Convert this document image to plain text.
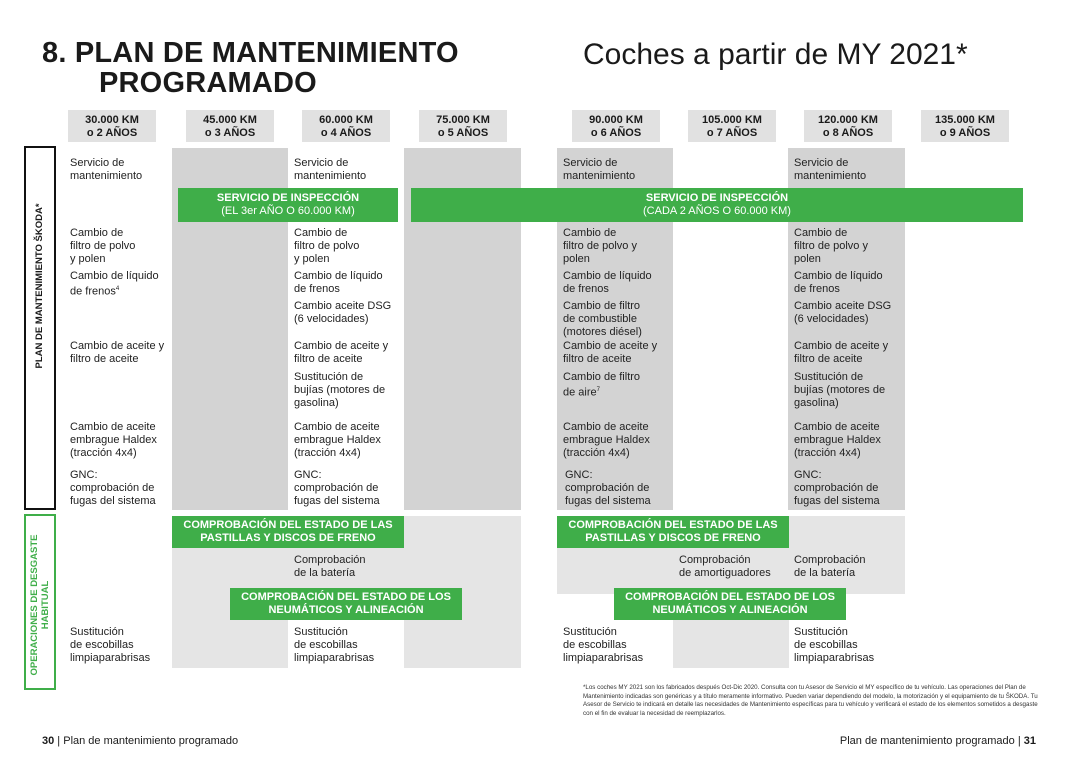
8. PLAN DE MANTENIMIENTO
PROGRAMADO
Coches a partir de MY 2021*
30.000 KM
o 2 AÑOS
45.000 KM
o 3 AÑOS
60.000 KM
o 4 AÑOS
75.000 KM
o 5 AÑOS
90.000 KM
o 6 AÑOS
105.000 KM
o 7 AÑOS
120.000 KM
o 8 AÑOS
135.000 KM
o 9 AÑOS
PLAN DE MANTENIMIENTO ŠKODA*
OPERACIONES DE DESGASTE HABITUAL
Servicio de
mantenimiento
Servicio de
mantenimiento
Servicio de
mantenimiento
Servicio de
mantenimiento
SERVICIO DE INSPECCIÓN
(EL 3er AÑO O 60.000 KM)
SERVICIO DE INSPECCIÓN
(CADA 2 AÑOS O 60.000 KM)
Cambio de
filtro de polvo
y polen
Cambio de
filtro de polvo
y polen
Cambio de
filtro de polvo y
polen
Cambio de
filtro de polvo y
polen
Cambio de líquido
de frenos$^4$
Cambio de líquido
de frenos
Cambio de líquido
de frenos
Cambio de líquido
de frenos
Cambio aceite DSG
(6 velocidades)
Cambio de filtro
de combustible
(motores diésel)
Cambio aceite DSG
(6 velocidades)
Cambio de aceite y
filtro de aceite
Cambio de aceite y
filtro de aceite
Cambio de aceite y
filtro de aceite
Cambio de aceite y
filtro de aceite
Sustitución de
bujías (motores de
gasolina)
Cambio de filtro
de aire$^7$
Sustitución de
bujías (motores de
gasolina)
Cambio de aceite
embrague Haldex
(tracción 4x4)
Cambio de aceite
embrague Haldex
(tracción 4x4)
Cambio de aceite
embrague Haldex
(tracción 4x4)
Cambio de aceite
embrague Haldex
(tracción 4x4)
GNC:
comprobación de
fugas del sistema
GNC:
comprobación de
fugas del sistema
GNC:
comprobación de
fugas del sistema
GNC:
comprobación de
fugas del sistema
COMPROBACIÓN DEL ESTADO DE LAS
PASTILLAS Y DISCOS DE FRENO
COMPROBACIÓN DEL ESTADO DE LAS
PASTILLAS Y DISCOS DE FRENO
Comprobación
de la batería
Comprobación
de amortiguadores
Comprobación
de la batería
COMPROBACIÓN DEL ESTADO DE LOS
NEUMÁTICOS Y ALINEACIÓN
COMPROBACIÓN DEL ESTADO DE LOS
NEUMÁTICOS Y ALINEACIÓN
Sustitución
de escobillas
limpiaparabrisas
Sustitución
de escobillas
limpiaparabrisas
Sustitución
de escobillas
limpiaparabrisas
Sustitución
de escobillas
limpiaparabrisas
*Los coches MY 2021 son los fabricados después Oct-Dic 2020. Consulta con tu Asesor de Servicio el MY específico de tu vehículo. Las operaciones del Plan de Mantenimiento indicadas son genéricas y a título meramente informativo. Pueden variar dependiendo del modelo, la motorización y el equipamiento de tu ŠKODA. Tu Asesor de Servicio te indicará en detalle las necesidades de Mantenimiento específicas para tu vehículo y verificará el estado de los elementos sometidos a desgaste con el fin de evaluar la necesidad de reemplazarlos.
30 | Plan de mantenimiento programado	Plan de mantenimiento programado | 31
